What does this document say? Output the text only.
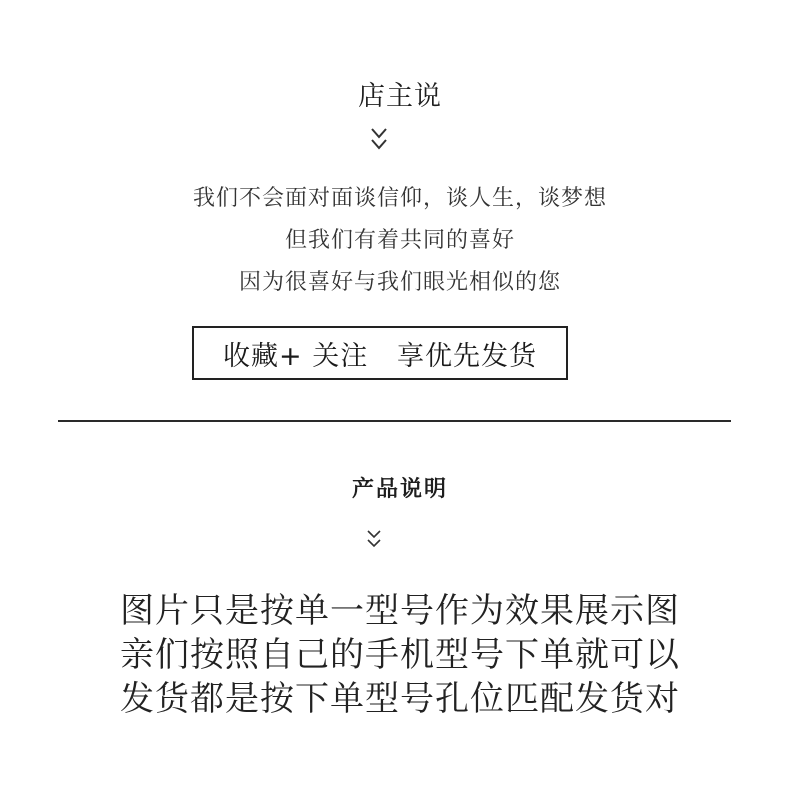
店主说
我们不会面对面谈信仰，谈人生，谈梦想
但我们有着共同的喜好
因为很喜好与我们眼光相似的您
收藏+ 关注   享优先发货
产品说明
图片只是按单一型号作为效果展示图
亲们按照自己的手机型号下单就可以
发货都是按下单型号孔位匹配发货对
